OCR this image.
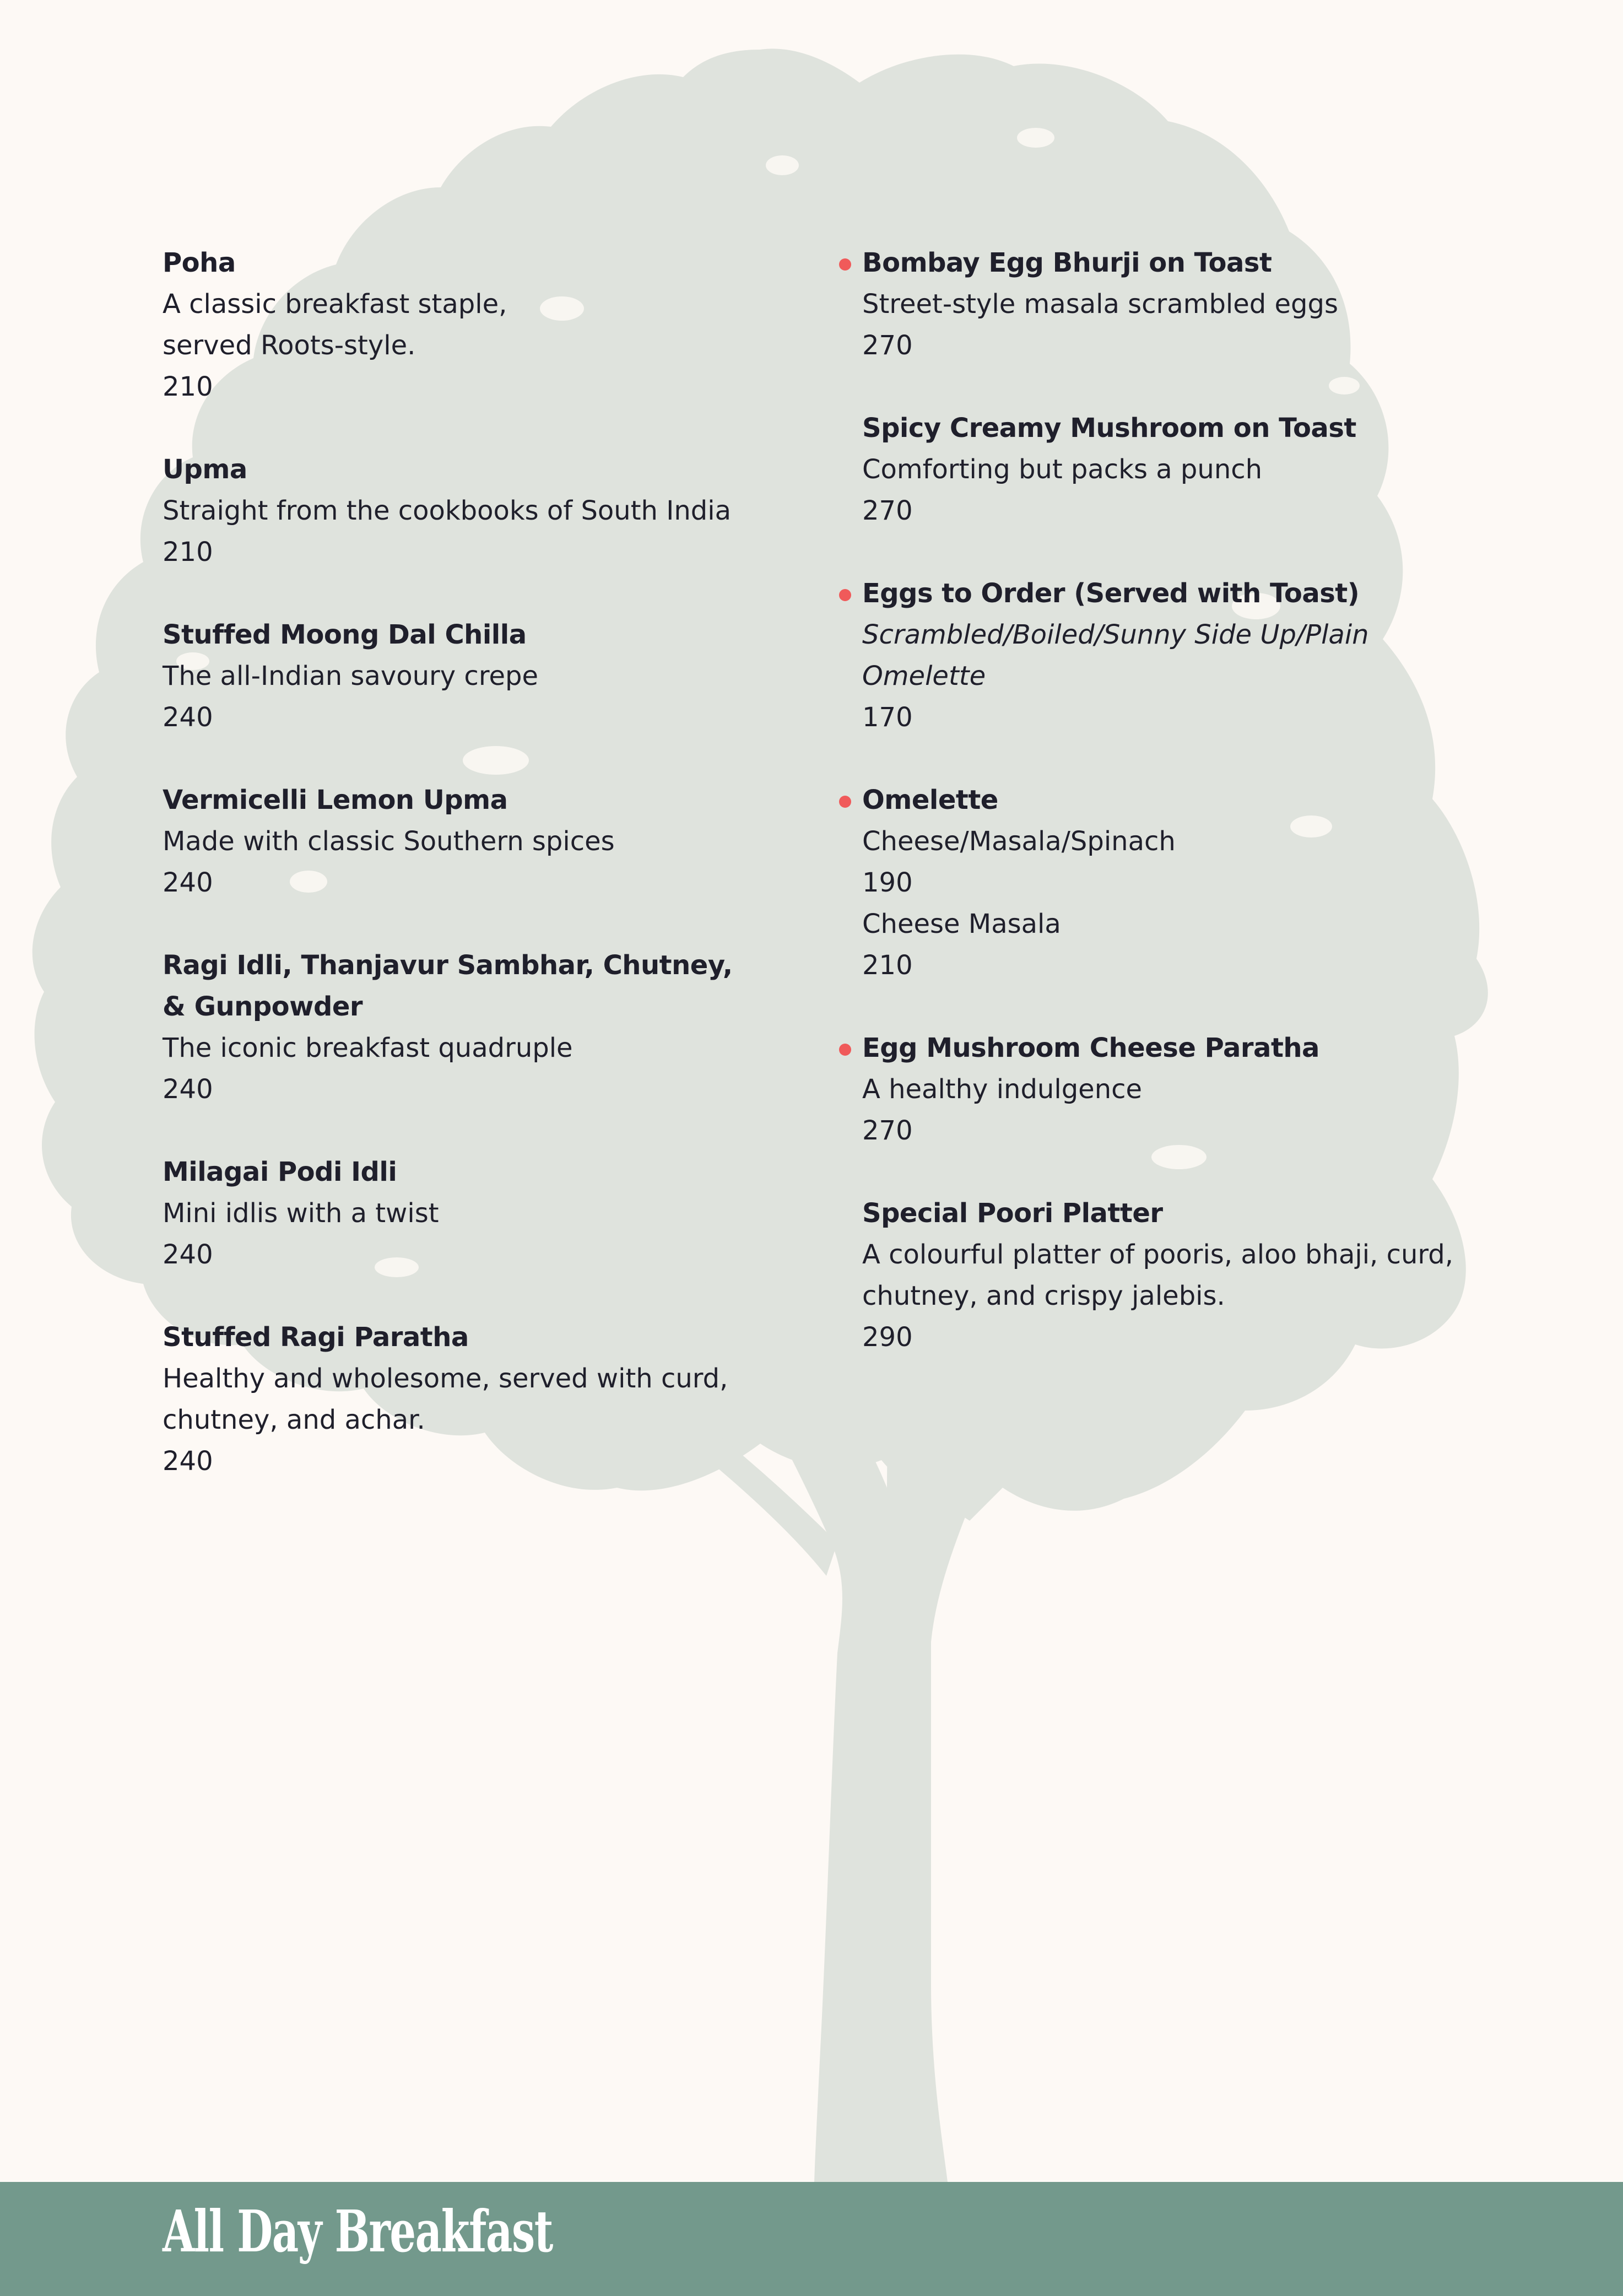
Poha
A classic breakfast staple,
served Roots-style.
210
Upma
Straight from the cookbooks of South India
210
Stuffed Moong Dal Chilla
The all-Indian savoury crepe
240
Vermicelli Lemon Upma
Made with classic Southern spices
240
Ragi Idli, Thanjavur Sambhar, Chutney,
& Gunpowder
The iconic breakfast quadruple
240
Milagai Podi Idli
Mini idlis with a twist
240
Stuffed Ragi Paratha
Healthy and wholesome, served with curd,
chutney, and achar.
240
Bombay Egg Bhurji on Toast
Street-style masala scrambled eggs
270
Spicy Creamy Mushroom on Toast
Comforting but packs a punch
270
Eggs to Order (Served with Toast)
Scrambled/Boiled/Sunny Side Up/Plain
Omelette
170
Omelette
Cheese/Masala/Spinach
190
Cheese Masala
210
Egg Mushroom Cheese Paratha
A healthy indulgence
270
Special Poori Platter
A colourful platter of pooris, aloo bhaji, curd,
chutney, and crispy jalebis.
290
All Day Breakfast
